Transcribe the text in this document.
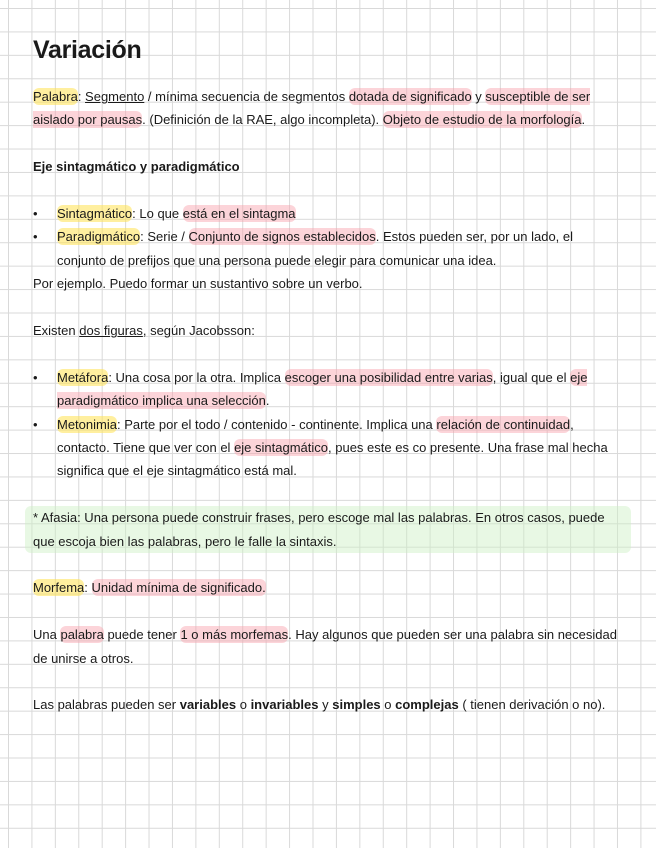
Variación

Palabra: Segmento / mínima secuencia de segmentos dotada de significado y susceptible de ser aislado por pausas. (Definición de la RAE, algo incompleta). Objeto de estudio de la morfología.

Eje sintagmático y paradigmático

• Sintagmático: Lo que está en el sintagma
• Paradigmático: Serie / Conjunto de signos establecidos. Estos pueden ser, por un lado, el conjunto de prefijos que una persona puede elegir para comunicar una idea.

Por ejemplo. Puedo formar un sustantivo sobre un verbo.

Existen dos figuras, según Jacobsson:

• Metáfora: Una cosa por la otra. Implica escoger una posibilidad entre varias, igual que el eje paradigmático implica una selección.
• Metonimia: Parte por el todo / contenido - continente. Implica una relación de continuidad, contacto. Tiene que ver con el eje sintagmático, pues este es co presente. Una frase mal hecha significa que el eje sintagmático está mal.

* Afasia: Una persona puede construir frases, pero escoge mal las palabras. En otros casos, puede que escoja bien las palabras, pero le falle la sintaxis.

Morfema: Unidad mínima de significado.

Una palabra puede tener 1 o más morfemas. Hay algunos que pueden ser una palabra sin necesidad de unirse a otros.

Las palabras pueden ser variables o invariables y simples o complejas ( tienen derivación o no).
